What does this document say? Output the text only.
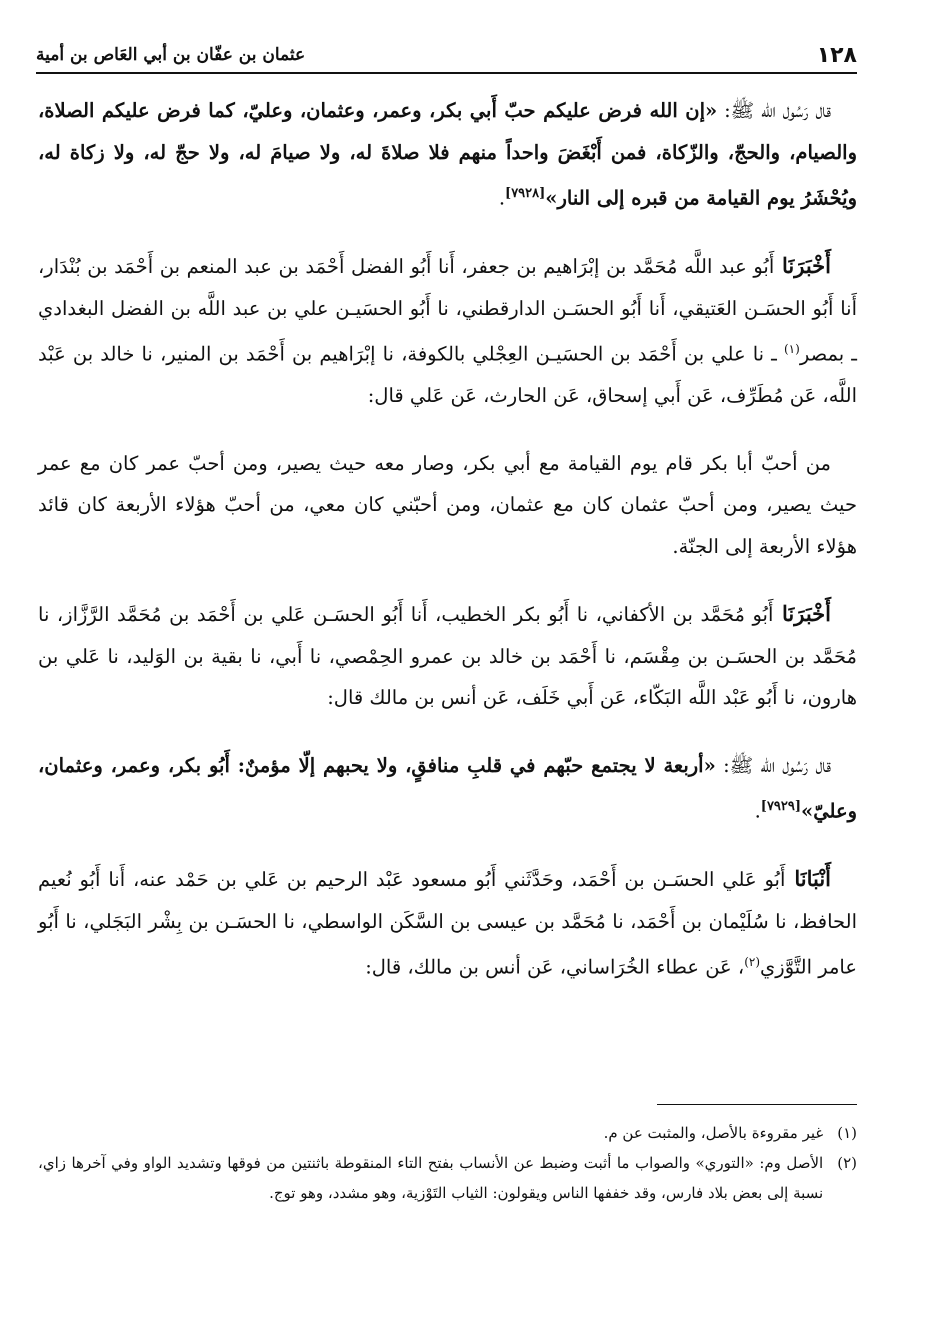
١٢٨
عثمان بن عفّان بن أبي العَاص بن أمية

قال رَسُول الله ﷺ: «إن الله فرض عليكم حبّ أَبي بكر، وعمر، وعثمان، وعليّ، كما فرض عليكم الصلاة، والصيام، والحجّ، والزّكاة، فمن أَبْغَضَ واحداً منهم فلا صلاةَ له، ولا صيامَ له، ولا حجّ له، ولا زكاة له، ويُحْشَرُ يوم القيامة من قبره إلى النار»[٧٩٢٨].

أَخْبَرَنَا أَبُو عبد اللَّه مُحَمَّد بن إبْرَاهيم بن جعفر، أَنا أَبُو الفضل أَحْمَد بن عبد المنعم بن أَحْمَد بن بُنْدَار، أَنا أَبُو الحسَـن العَتيقي، أَنا أَبُو الحسَـن الدارقطني، نا أَبُو الحسَيـن علي بن عبد اللَّه بن الفضل البغدادي ـ بمصر$^{(١)}$ ـ نا علي بن أَحْمَد بن الحسَيـن العِجْلي بالكوفة، نا إبْرَاهيم بن أَحْمَد بن المنير، نا خالد بن عَبْد اللَّه، عَن مُطَرِّف، عَن أَبي إسحاق، عَن الحارث، عَن عَلي قال:

من أحبّ أبا بكر قام يوم القيامة مع أبي بكر، وصار معه حيث يصير، ومن أحبّ عمر كان مع عمر حيث يصير، ومن أحبّ عثمان كان مع عثمان، ومن أحبّني كان معي، من أحبّ هؤلاء الأربعة كان قائد هؤلاء الأربعة إلى الجنّة.

أَخْبَرَنَا أَبُو مُحَمَّد بن الأكفاني، نا أَبُو بكر الخطيب، أَنا أَبُو الحسَـن عَلي بن أَحْمَد بن مُحَمَّد الرَّزَّاز، نا مُحَمَّد بن الحسَـن بن مِقْسَم، نا أَحْمَد بن خالد بن عمرو الحِمْصي، نا أَبي، نا بقية بن الوَليد، نا عَلي بن هارون، نا أَبُو عَبْد اللَّه البَكّاء، عَن أَبي خَلَف، عَن أنس بن مالك قال:

قال رَسُول الله ﷺ: «أربعة لا يجتمع حبّهم في قلبِ منافقٍ، ولا يحبهم إلّا مؤمنٌ: أَبُو بكر، وعمر، وعثمان، وعليّ»[٧٩٢٩].

أَنْبَانَا أَبُو عَلي الحسَـن بن أَحْمَد، وحَدَّثَني أَبُو مسعود عَبْد الرحيم بن عَلي بن حَمْد عنه، أَنا أَبُو نُعيم الحافظ، نا سُلَيْمان بن أَحْمَد، نا مُحَمَّد بن عيسى بن السَّكَن الواسطي، نا الحسَـن بن بِشْر البَجَلي، نا أَبُو عامر التَّوَّزي$^{(٢)}$، عَن عطاء الخُرَاساني، عَن أنس بن مالك، قال:

(١)
غير مقروءة بالأصل، والمثبت عن م.
(٢)
الأصل وم: «التوري» والصواب ما أثبت وضبط عن الأنساب بفتح التاء المنقوطة باثنتين من فوقها وتشديد الواو وفي آخرها زاي، نسبة إلى بعض بلاد فارس، وقد خففها الناس ويقولون: الثياب التَوْزية، وهو مشدد، وهو توج.
